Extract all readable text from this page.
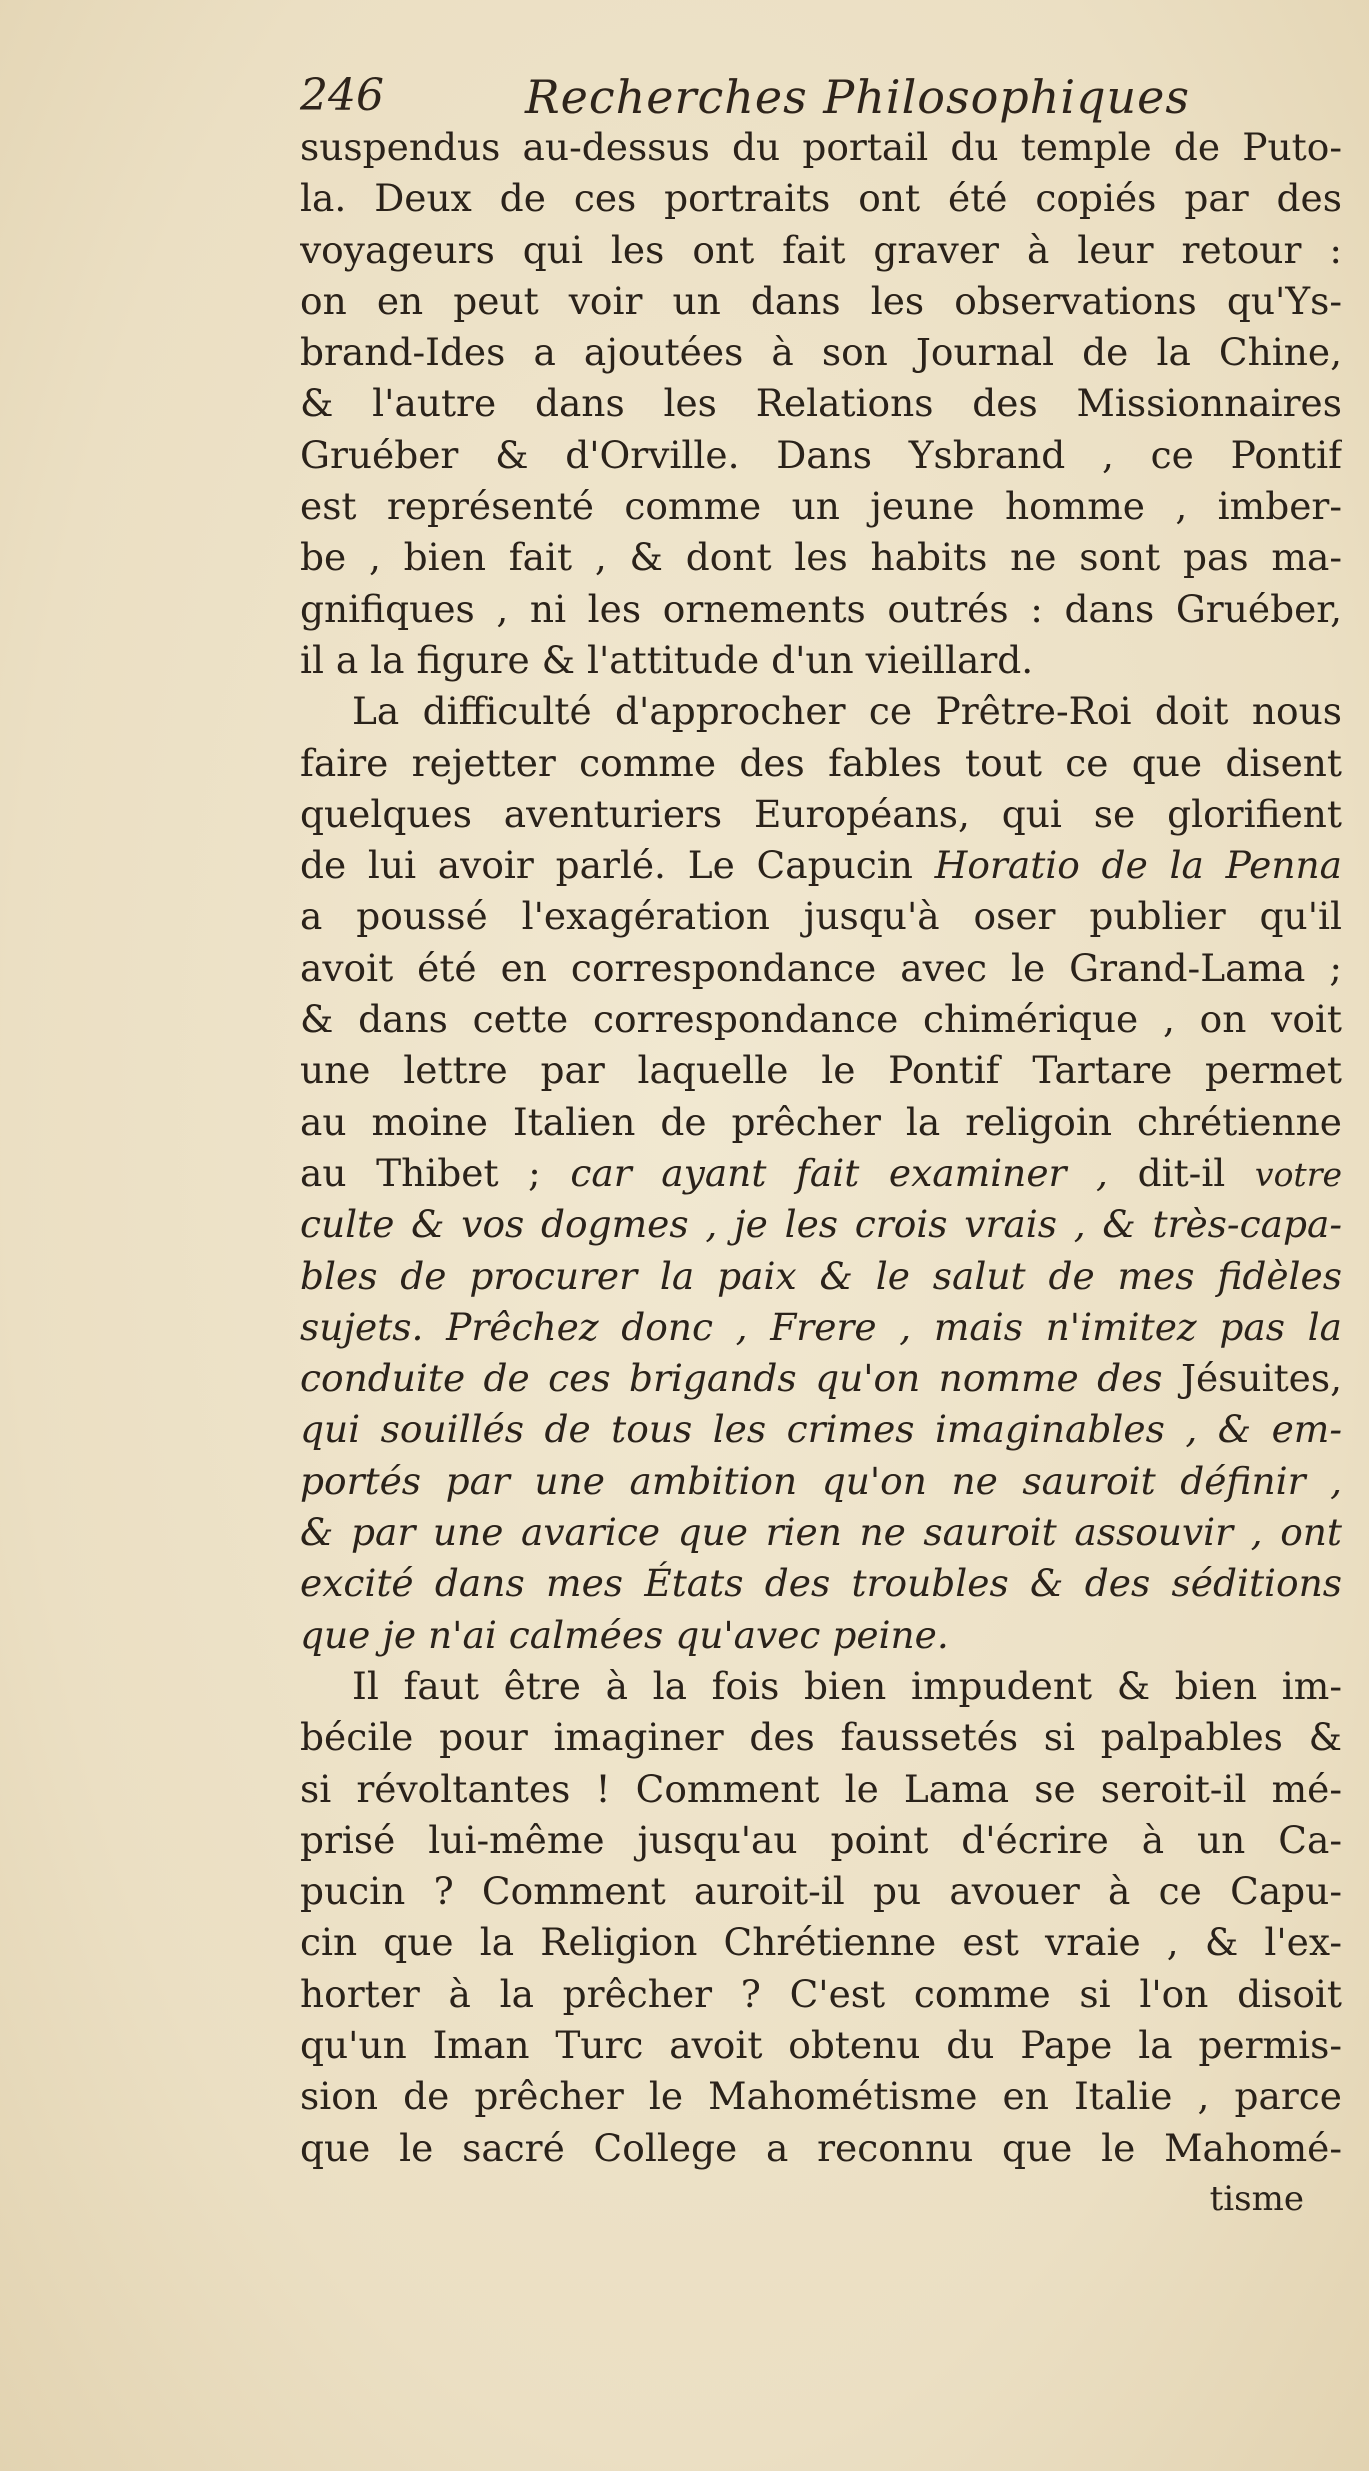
246	Recherches Philosophiques
suspendus au-dessus du portail du temple de Puto-
la. Deux de ces portraits ont été copiés par des
voyageurs qui les ont fait graver à leur retour :
on en peut voir un dans les observations qu'Ys-
brand-Ides a ajoutées à son Journal de la Chine,
& l'autre dans les Relations des Missionnaires
Gruéber & d'Orville. Dans Ysbrand , ce Pontif
est représenté comme un jeune homme , imber-
be , bien fait , & dont les habits ne sont pas ma-
gnifiques , ni les ornements outrés : dans Gruéber,
il a la figure & l'attitude d'un vieillard.
La difficulté d'approcher ce Prêtre-Roi doit nous
faire rejetter comme des fables tout ce que disent
quelques aventuriers Européans, qui se glorifient
de lui avoir parlé. Le Capucin Horatio de la Penna
a poussé l'exagération jusqu'à oser publier qu'il
avoit été en correspondance avec le Grand-Lama ;
& dans cette correspondance chimérique , on voit
une lettre par laquelle le Pontif Tartare permet
au moine Italien de prêcher la religoin chrétienne
au Thibet ; car ayant fait examiner , dit-il votre
culte & vos dogmes , je les crois vrais , & très-capa-
bles de procurer la paix & le salut de mes fidèles
sujets. Prêchez donc , Frere , mais n'imitez pas la
conduite de ces brigands qu'on nomme des Jésuites,
qui souillés de tous les crimes imaginables , & em-
portés par une ambition qu'on ne sauroit définir ,
& par une avarice que rien ne sauroit assouvir , ont
excité dans mes États des troubles & des séditions
que je n'ai calmées qu'avec peine.
Il faut être à la fois bien impudent & bien im-
bécile pour imaginer des faussetés si palpables &
si révoltantes ! Comment le Lama se seroit-il mé-
prisé lui-même jusqu'au point d'écrire à un Ca-
pucin ? Comment auroit-il pu avouer à ce Capu-
cin que la Religion Chrétienne est vraie , & l'ex-
horter à la prêcher ? C'est comme si l'on disoit
qu'un Iman Turc avoit obtenu du Pape la permis-
sion de prêcher le Mahométisme en Italie , parce
que le sacré College a reconnu que le Mahomé-
tisme
